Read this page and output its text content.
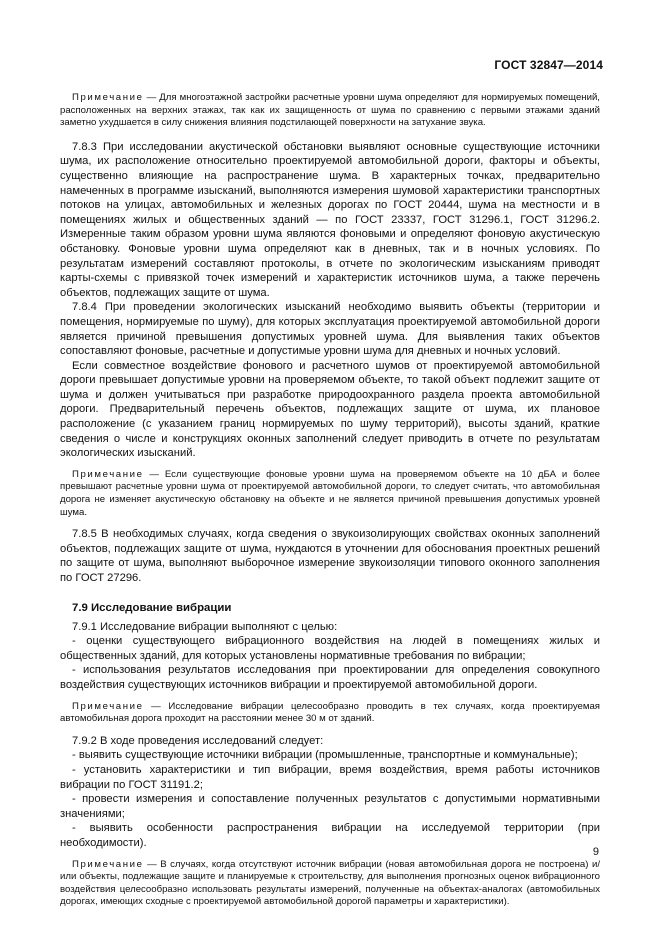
ГОСТ 32847—2014

Примечание — Для многоэтажной застройки расчетные уровни шума определяют для нормируемых помещений, расположенных на верхних этажах, так как их защищенность от шума по сравнению с первыми этажами зданий заметно ухудшается в силу снижения влияния подстилающей поверхности на затухание звука.

7.8.3 При исследовании акустической обстановки выявляют основные существующие источники шума, их расположение относительно проектируемой автомобильной дороги, факторы и объекты, существенно влияющие на распространение шума. В характерных точках, предварительно намеченных в программе изысканий, выполняются измерения шумовой характеристики транспортных потоков на улицах, автомобильных и железных дорогах по ГОСТ 20444, шума на местности и в помещениях жилых и общественных зданий — по ГОСТ 23337, ГОСТ 31296.1, ГОСТ 31296.2. Измеренные таким образом уровни шума являются фоновыми и определяют фоновую акустическую обстановку. Фоновые уровни шума определяют как в дневных, так и в ночных условиях. По результатам измерений составляют протоколы, в отчете по экологическим изысканиям приводят карты-схемы с привязкой точек измерений и характеристик источников шума, а также перечень объектов, подлежащих защите от шума.

7.8.4 При проведении экологических изысканий необходимо выявить объекты (территории и помещения, нормируемые по шуму), для которых эксплуатация проектируемой автомобильной дороги является причиной превышения допустимых уровней шума. Для выявления таких объектов сопоставляют фоновые, расчетные и допустимые уровни шума для дневных и ночных условий.

Если совместное воздействие фонового и расчетного шумов от проектируемой автомобильной дороги превышает допустимые уровни на проверяемом объекте, то такой объект подлежит защите от шума и должен учитываться при разработке природоохранного раздела проекта автомобильной дороги. Предварительный перечень объектов, подлежащих защите от шума, их плановое расположение (с указанием границ нормируемых по шуму территорий), высоты зданий, краткие сведения о числе и конструкциях оконных заполнений следует приводить в отчете по результатам экологических изысканий.

Примечание — Если существующие фоновые уровни шума на проверяемом объекте на 10 дБА и более превышают расчетные уровни шума от проектируемой автомобильной дороги, то следует считать, что автомобильная дорога не изменяет акустическую обстановку на объекте и не является причиной превышения допустимых уровней шума.

7.8.5 В необходимых случаях, когда сведения о звукоизолирующих свойствах оконных заполнений объектов, подлежащих защите от шума, нуждаются в уточнении для обоснования проектных решений по защите от шума, выполняют выборочное измерение звукоизоляции типового оконного заполнения по ГОСТ 27296.

7.9 Исследование вибрации

7.9.1 Исследование вибрации выполняют с целью:

- оценки существующего вибрационного воздействия на людей в помещениях жилых и общественных зданий, для которых установлены нормативные требования по вибрации;

- использования результатов исследования при проектировании для определения совокупного воздействия существующих источников вибрации и проектируемой автомобильной дороги.

Примечание — Исследование вибрации целесообразно проводить в тех случаях, когда проектируемая автомобильная дорога проходит на расстоянии менее 30 м от зданий.

7.9.2 В ходе проведения исследований следует:

- выявить существующие источники вибрации (промышленные, транспортные и коммунальные);

- установить характеристики и тип вибрации, время воздействия, время работы источников вибрации по ГОСТ 31191.2;

- провести измерения и сопоставление полученных результатов с допустимыми нормативными значениями;

- выявить особенности распространения вибрации на исследуемой территории (при необходимости).

Примечание — В случаях, когда отсутствуют источник вибрации (новая автомобильная дорога не построена) и/или объекты, подлежащие защите и планируемые к строительству, для выполнения прогнозных оценок вибрационного воздействия целесообразно использовать результаты измерений, полученные на объектах-аналогах (автомобильных дорогах, имеющих сходные с проектируемой автомобильной дорогой параметры и характеристики).

9
